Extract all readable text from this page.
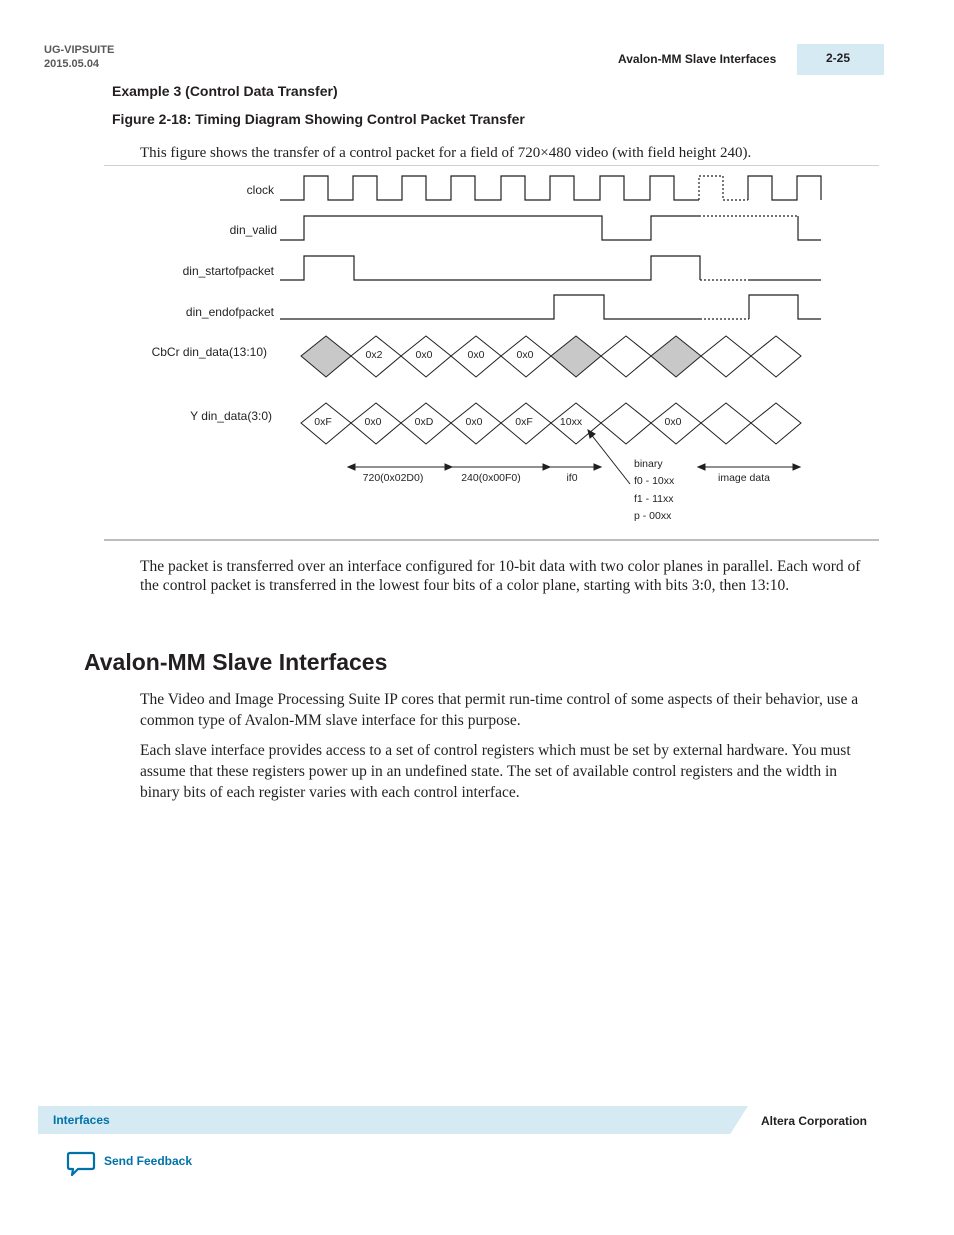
UG-VIPSUITE
2015.05.04	Avalon-MM Slave Interfaces	2-25
Example 3 (Control Data Transfer)
Figure 2-18: Timing Diagram Showing Control Packet Transfer
This figure shows the transfer of a control packet for a field of 720×480 video (with field height 240).
clock
din_valid
din_startofpacket
din_endofpacket
CbCr din_data(13:10)
Y din_data(3:0)
0x2	0x0	0x0	0x0
0xF	0x0	0xD	0x0	0xF	10xx	0x0
720(0x02D0)	240(0x00F0)	if0
binary
f0 - 10xx
f1 - 11xx
p - 00xx
image data
The packet is transferred over an interface configured for 10-bit data with two color planes in parallel. Each word of the control packet is transferred in the lowest four bits of a color plane, starting with bits 3:0, then 13:10.
Avalon-MM Slave Interfaces
The Video and Image Processing Suite IP cores that permit run-time control of some aspects of their behavior, use a common type of Avalon-MM slave interface for this purpose.
Each slave interface provides access to a set of control registers which must be set by external hardware. You must assume that these registers power up in an undefined state. The set of available control registers and the width in binary bits of each register varies with each control interface.
Interfaces	Altera Corporation
Send Feedback
